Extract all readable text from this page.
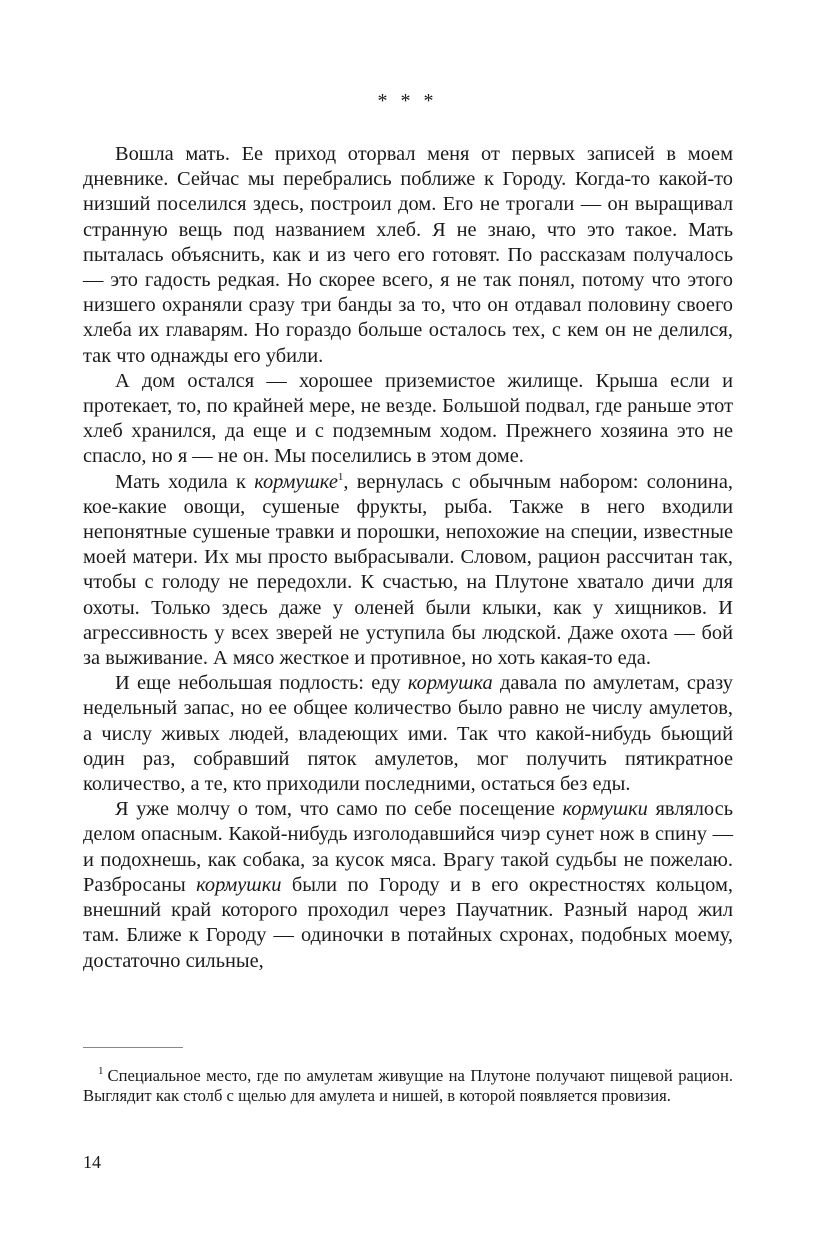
* * *

Вошла мать. Ее приход оторвал меня от первых записей в моем дневнике. Сейчас мы перебрались поближе к Городу. Когда-то какой-то низший поселился здесь, построил дом. Его не трогали — он выращивал странную вещь под названием хлеб. Я не знаю, что это такое. Мать пыталась объяснить, как и из чего его готовят. По рассказам получалось — это гадость редкая. Но скорее всего, я не так понял, потому что этого низшего охраняли сразу три банды за то, что он отдавал половину своего хлеба их главарям. Но гораздо больше осталось тех, с кем он не делился, так что однажды его убили.

А дом остался — хорошее приземистое жилище. Крыша если и протекает, то, по крайней мере, не везде. Большой подвал, где раньше этот хлеб хранился, да еще и с подземным ходом. Прежнего хозяина это не спасло, но я — не он. Мы поселились в этом доме.

Мать ходила к кормушке$^1$, вернулась с обычным набором: солонина, кое-какие овощи, сушеные фрукты, рыба. Также в него входили непонятные сушеные травки и порошки, непохожие на специи, известные моей матери. Их мы просто выбрасывали. Словом, рацион рассчитан так, чтобы с голоду не передохли. К счастью, на Плутоне хватало дичи для охоты. Только здесь даже у оленей были клыки, как у хищников. И агрессивность у всех зверей не уступила бы людской. Даже охота — бой за выживание. А мясо жесткое и противное, но хоть какая-то еда.

И еще небольшая подлость: еду кормушка давала по амулетам, сразу недельный запас, но ее общее количество было равно не числу амулетов, а числу живых людей, владеющих ими. Так что какой-нибудь бьющий один раз, собравший пяток амулетов, мог получить пятикратное количество, а те, кто приходили последними, остаться без еды.

Я уже молчу о том, что само по себе посещение кормушки являлось делом опасным. Какой-нибудь изголодавшийся чиэр сунет нож в спину — и подохнешь, как собака, за кусок мяса. Врагу такой судьбы не пожелаю. Разбросаны кормушки были по Городу и в его окрестностях кольцом, внешний край которого проходил через Паучатник. Разный народ жил там. Ближе к Городу — одиночки в потайных схронах, подобных моему, достаточно сильные,

$^1$ Специальное место, где по амулетам живущие на Плутоне получают пищевой рацион. Выглядит как столб с щелью для амулета и нишей, в которой появляется провизия.
14
